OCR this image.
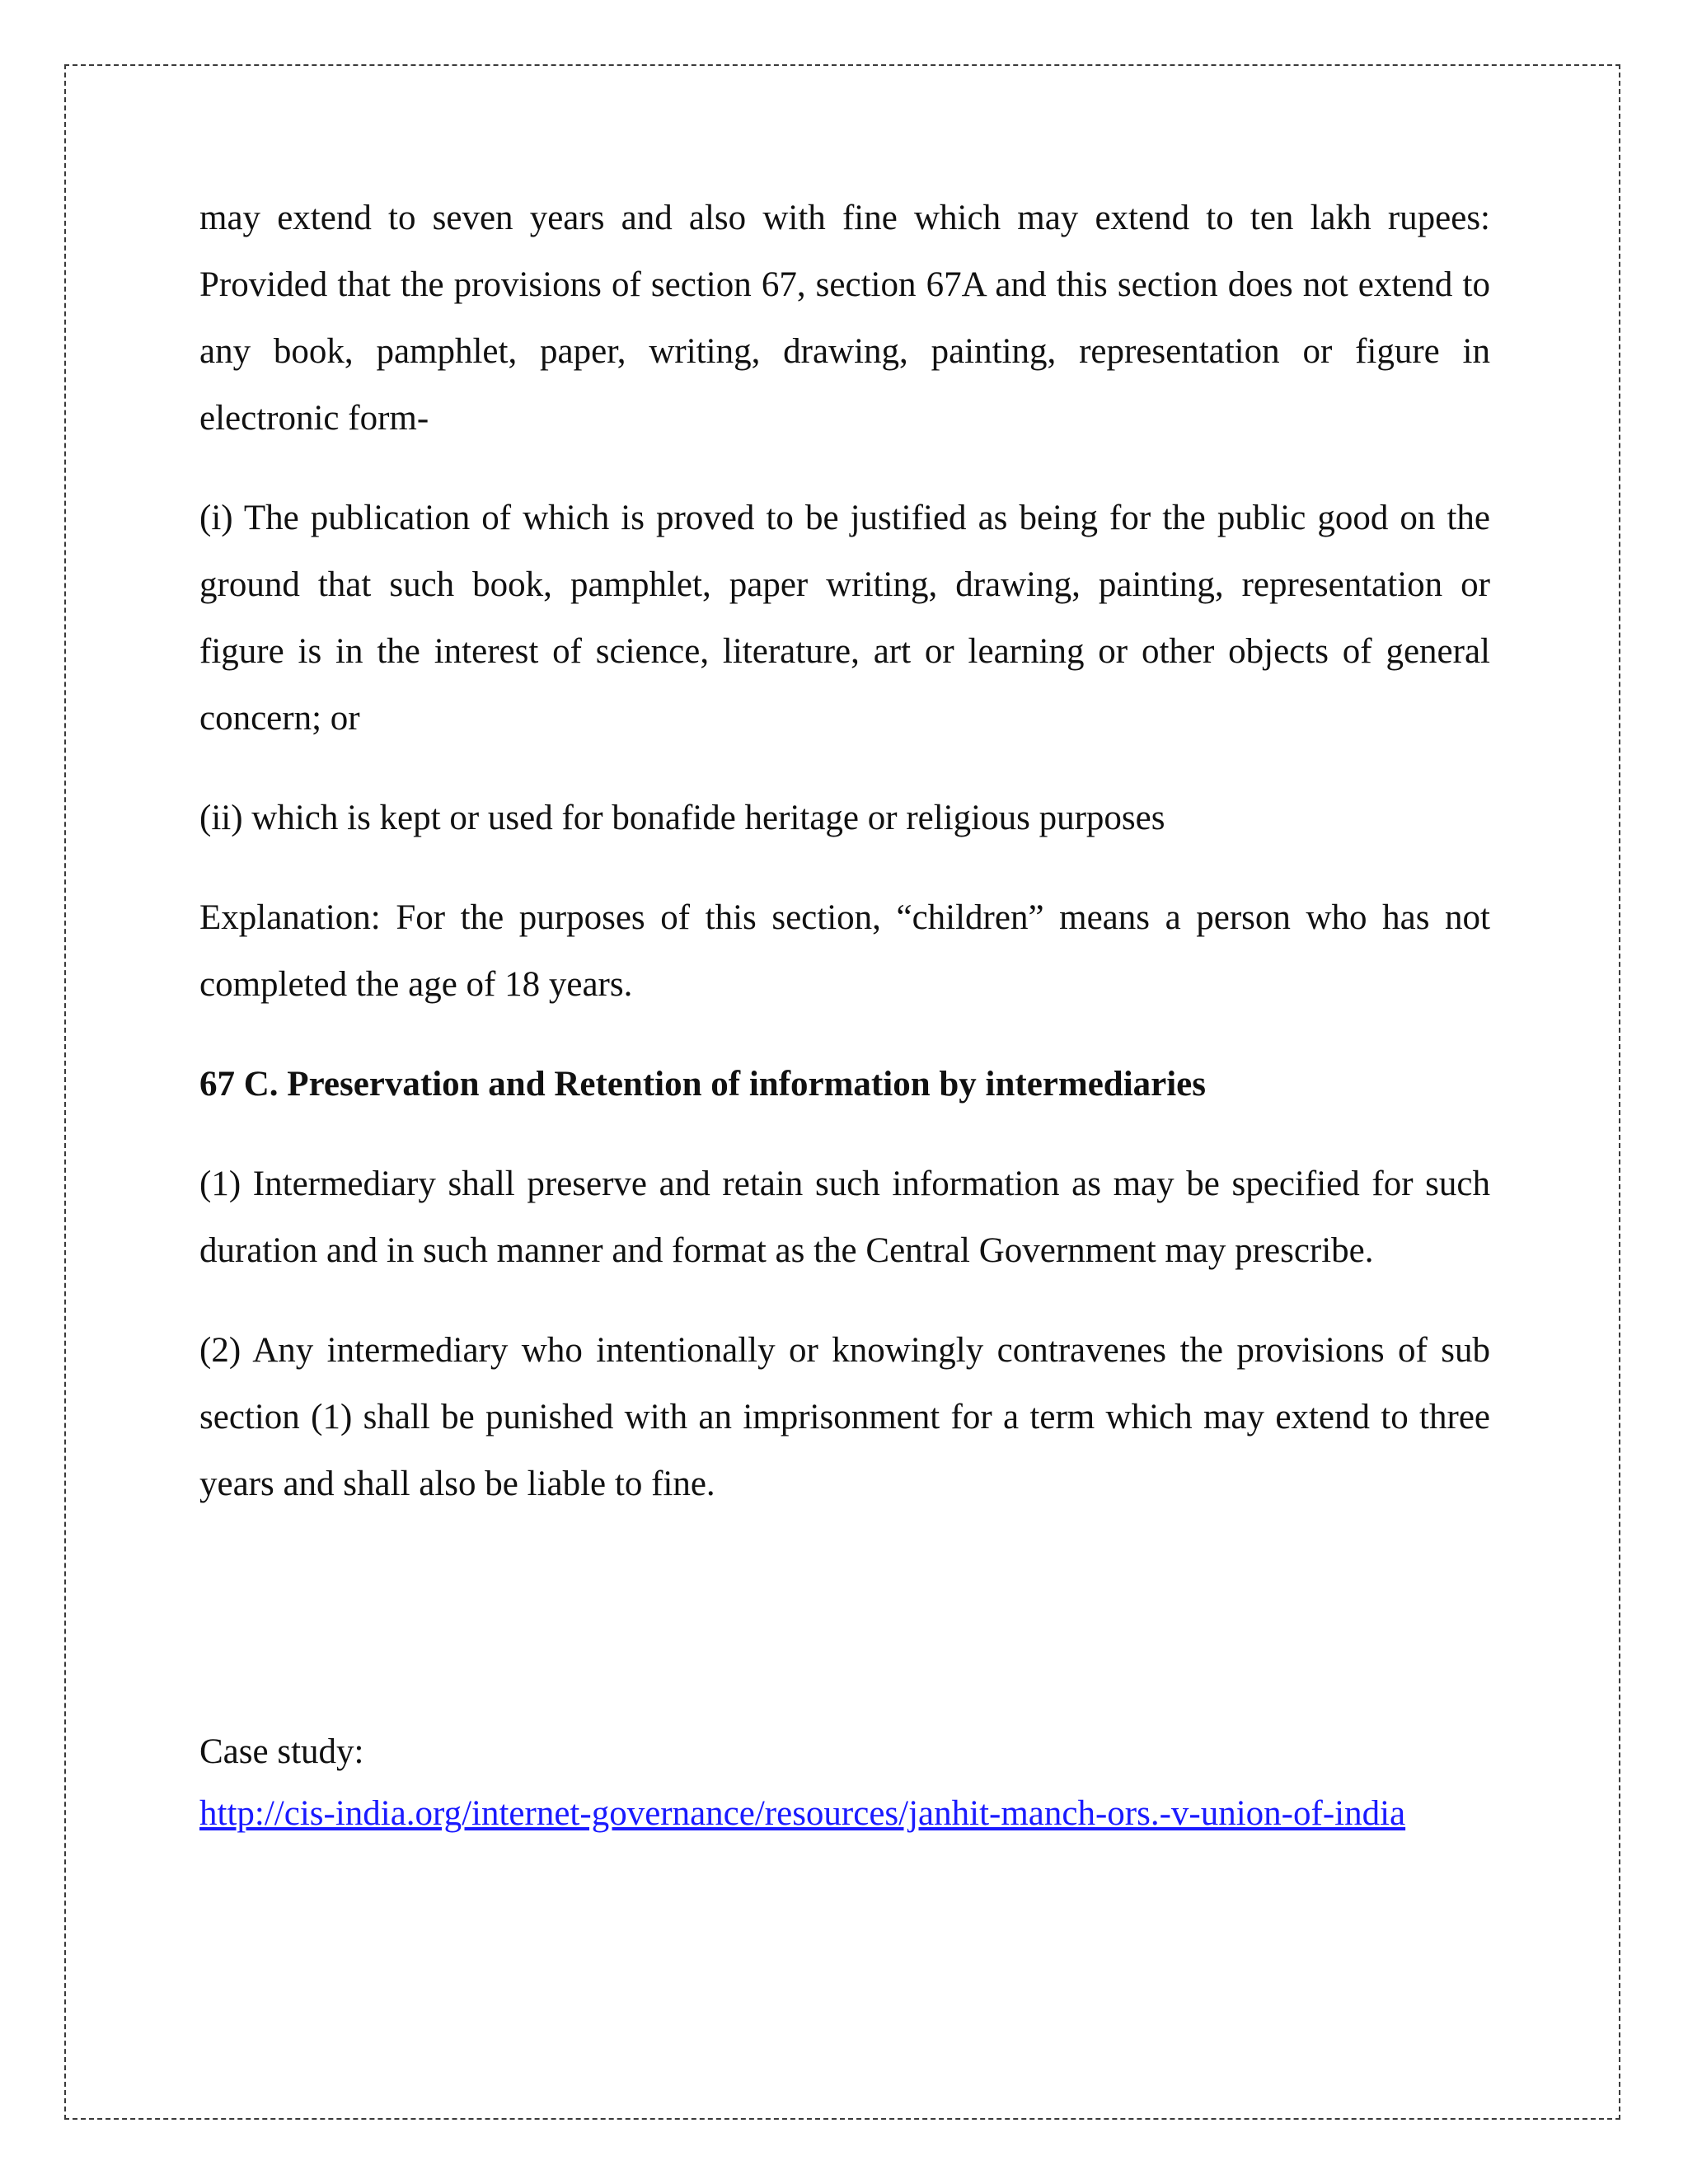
may extend to seven years and also with fine which may extend to ten lakh rupees: Provided that the provisions of section 67, section 67A and this section does not extend to any book, pamphlet, paper, writing, drawing, painting, representation or figure in electronic form-

(i) The publication of which is proved to be justified as being for the public good on the ground that such book, pamphlet, paper writing, drawing, painting, representation or figure is in the interest of science, literature, art or learning or other objects of general concern; or

(ii) which is kept or used for bonafide heritage or religious purposes

Explanation: For the purposes of this section, “children” means a person who has not completed the age of 18 years.

67 C. Preservation and Retention of information by intermediaries

(1) Intermediary shall preserve and retain such information as may be specified for such duration and in such manner and format as the Central Government may prescribe.

(2) Any intermediary who intentionally or knowingly contravenes the provisions of sub section (1) shall be punished with an imprisonment for a term which may extend to three years and shall also be liable to fine.

Case study:

http://cis-india.org/internet-governance/resources/janhit-manch-ors.-v-union-of-india
